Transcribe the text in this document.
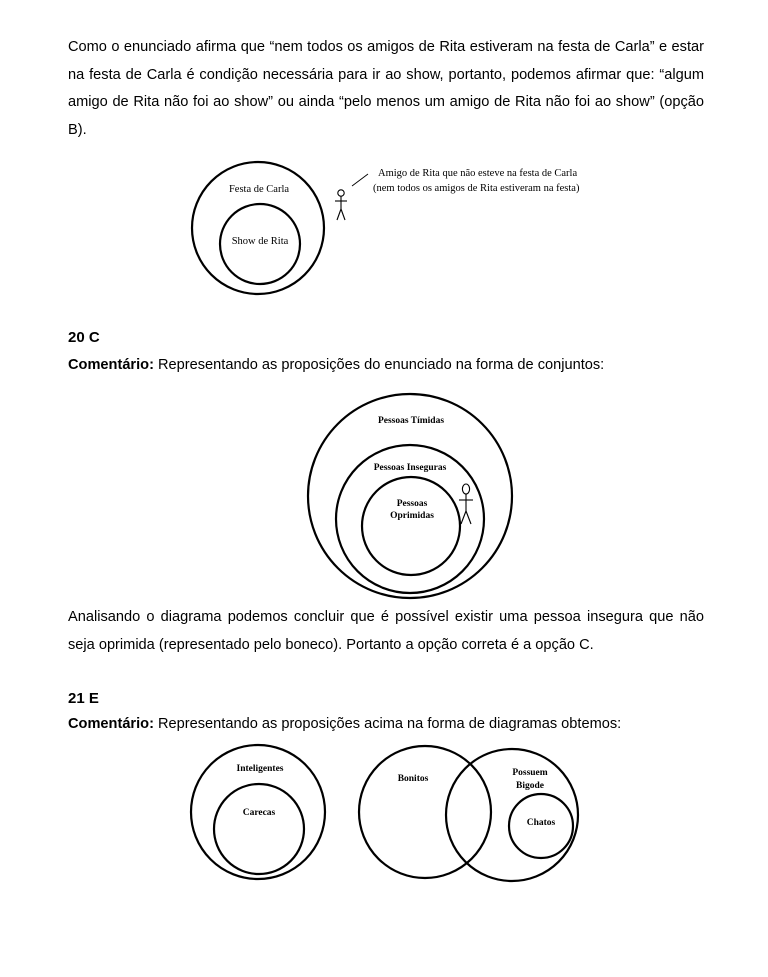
Como o enunciado afirma que “nem todos os amigos de Rita estiveram na festa de Carla” e estar na festa de Carla é condição necessária para ir ao show, portanto, podemos afirmar que: “algum amigo de Rita não foi ao show” ou ainda “pelo menos um amigo de Rita não foi ao show” (opção B).

Festa de Carla
Show de Rita
Amigo de Rita que não esteve na festa de Carla
(nem todos os amigos de Rita estiveram na festa)
Pessoas Tímidas
Pessoas Inseguras
Pessoas
Oprimidas
Inteligentes
Carecas
Bonitos
Possuem
Bigode
Chatos

20 C

Comentário: Representando as proposições do enunciado na forma de conjuntos:

Analisando o diagrama podemos concluir que é possível existir uma pessoa insegura que não seja oprimida (representado pelo boneco). Portanto a opção correta é a opção C.

21 E

Comentário: Representando as proposições acima na forma de diagramas obtemos:
